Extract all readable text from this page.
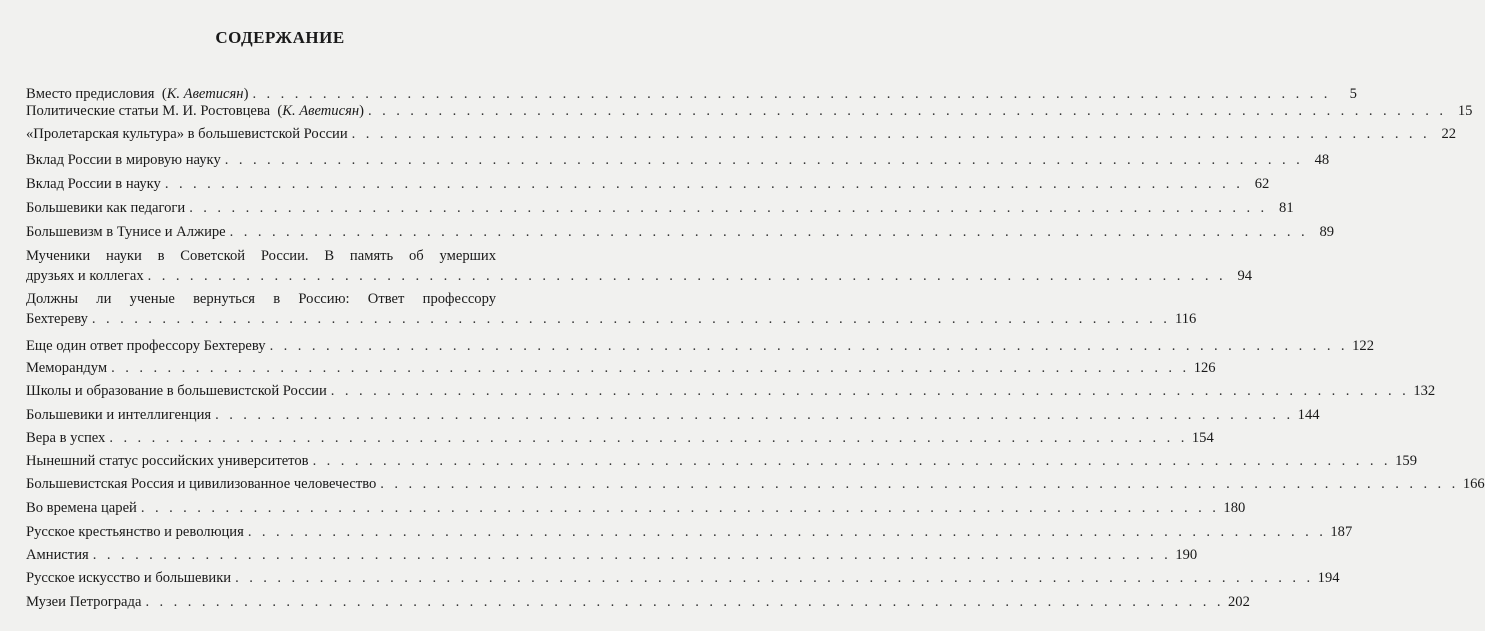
СОДЕРЖАНИЕ
Вместо предисловия  (К. Аветисян) . . .	5
Политические статьи М. И. Ростовцева  (К. Аветисян) . . .	15
«Пролетарская культура» в большевистской России . . .	22
Вклад России в мировую науку . . .	48
Вклад России в науку . . .	62
Большевики как педагоги . . .	81
Большевизм в Тунисе и Алжире . . .	89
Мученики науки в Советской России. В память об умерших
друзьях и коллегах . . .	94
Должны ли ученые вернуться в Россию: Ответ профессору
Бехтереву . . .	116
Еще один ответ профессору Бехтереву . . .	122
Меморандум . . .	126
Школы и образование в большевистской России . . .	132
Большевики и интеллигенция . . .	144
Вера в успех . . .	154
Нынешний статус российских университетов . . .	159
Большевистская Россия и цивилизованное человечество . . .	166
Во времена царей . . .	180
Русское крестьянство и революция . . .	187
Амнистия . . .	190
Русское искусство и большевики . . .	194
Музеи Петрограда . . .	202
